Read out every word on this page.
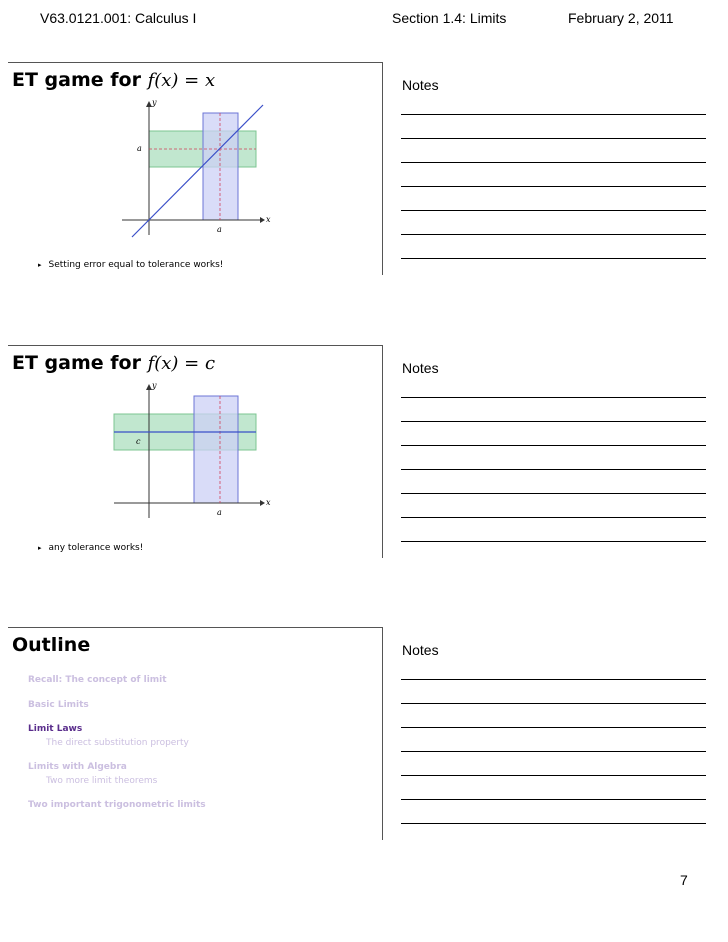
V63.0121.001: Calculus I	Section 1.4: Limits	February 2, 2011
ET game for f(x) = x
y
x
a
a
▸ Setting error equal to tolerance works!
ET game for f(x) = c
y
x
c
a
▸ any tolerance works!
Outline
Recall: The concept of limit
Basic Limits
Limit Laws
The direct substitution property
Limits with Algebra
Two more limit theorems
Two important trigonometric limits
Notes
Notes
Notes
7
